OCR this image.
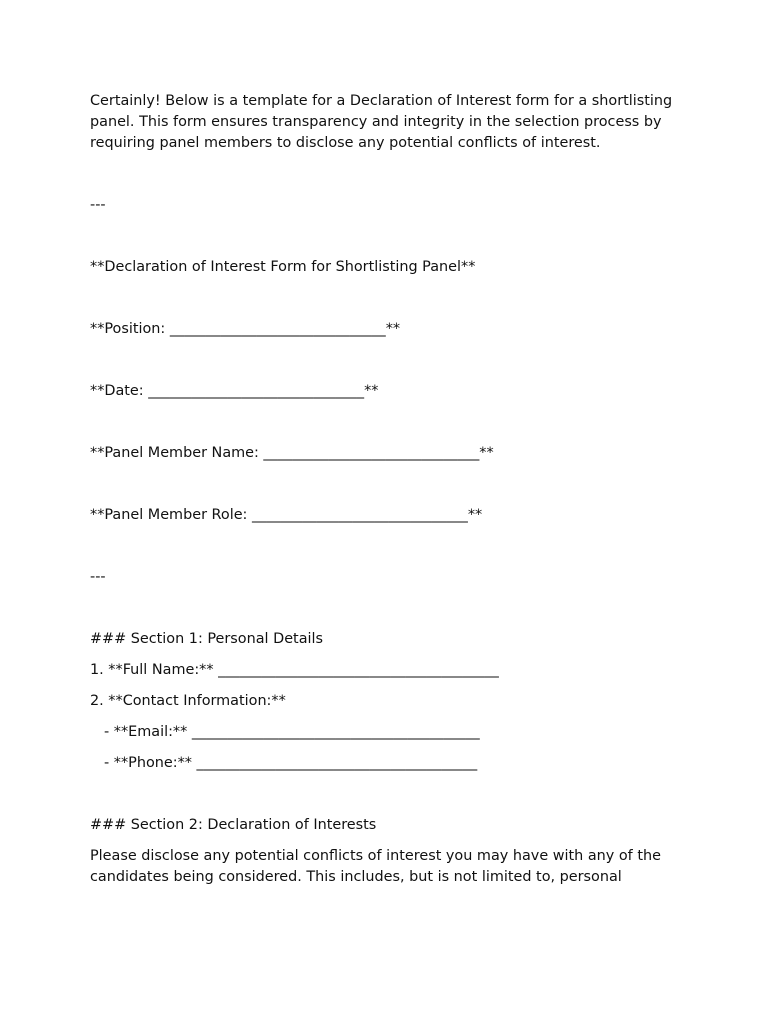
Certainly! Below is a template for a Declaration of Interest form for a shortlisting panel. This form ensures transparency and integrity in the selection process by requiring panel members to disclose any potential conflicts of interest.

---

**Declaration of Interest Form for Shortlisting Panel**

**Position: ______________________________**

**Date: ______________________________**

**Panel Member Name: ______________________________**

**Panel Member Role: ______________________________**

---

### Section 1: Personal Details

1. **Full Name:** _______________________________________

2. **Contact Information:**

- **Email:** ________________________________________

- **Phone:** _______________________________________

### Section 2: Declaration of Interests

Please disclose any potential conflicts of interest you may have with any of the candidates being considered. This includes, but is not limited to, personal
